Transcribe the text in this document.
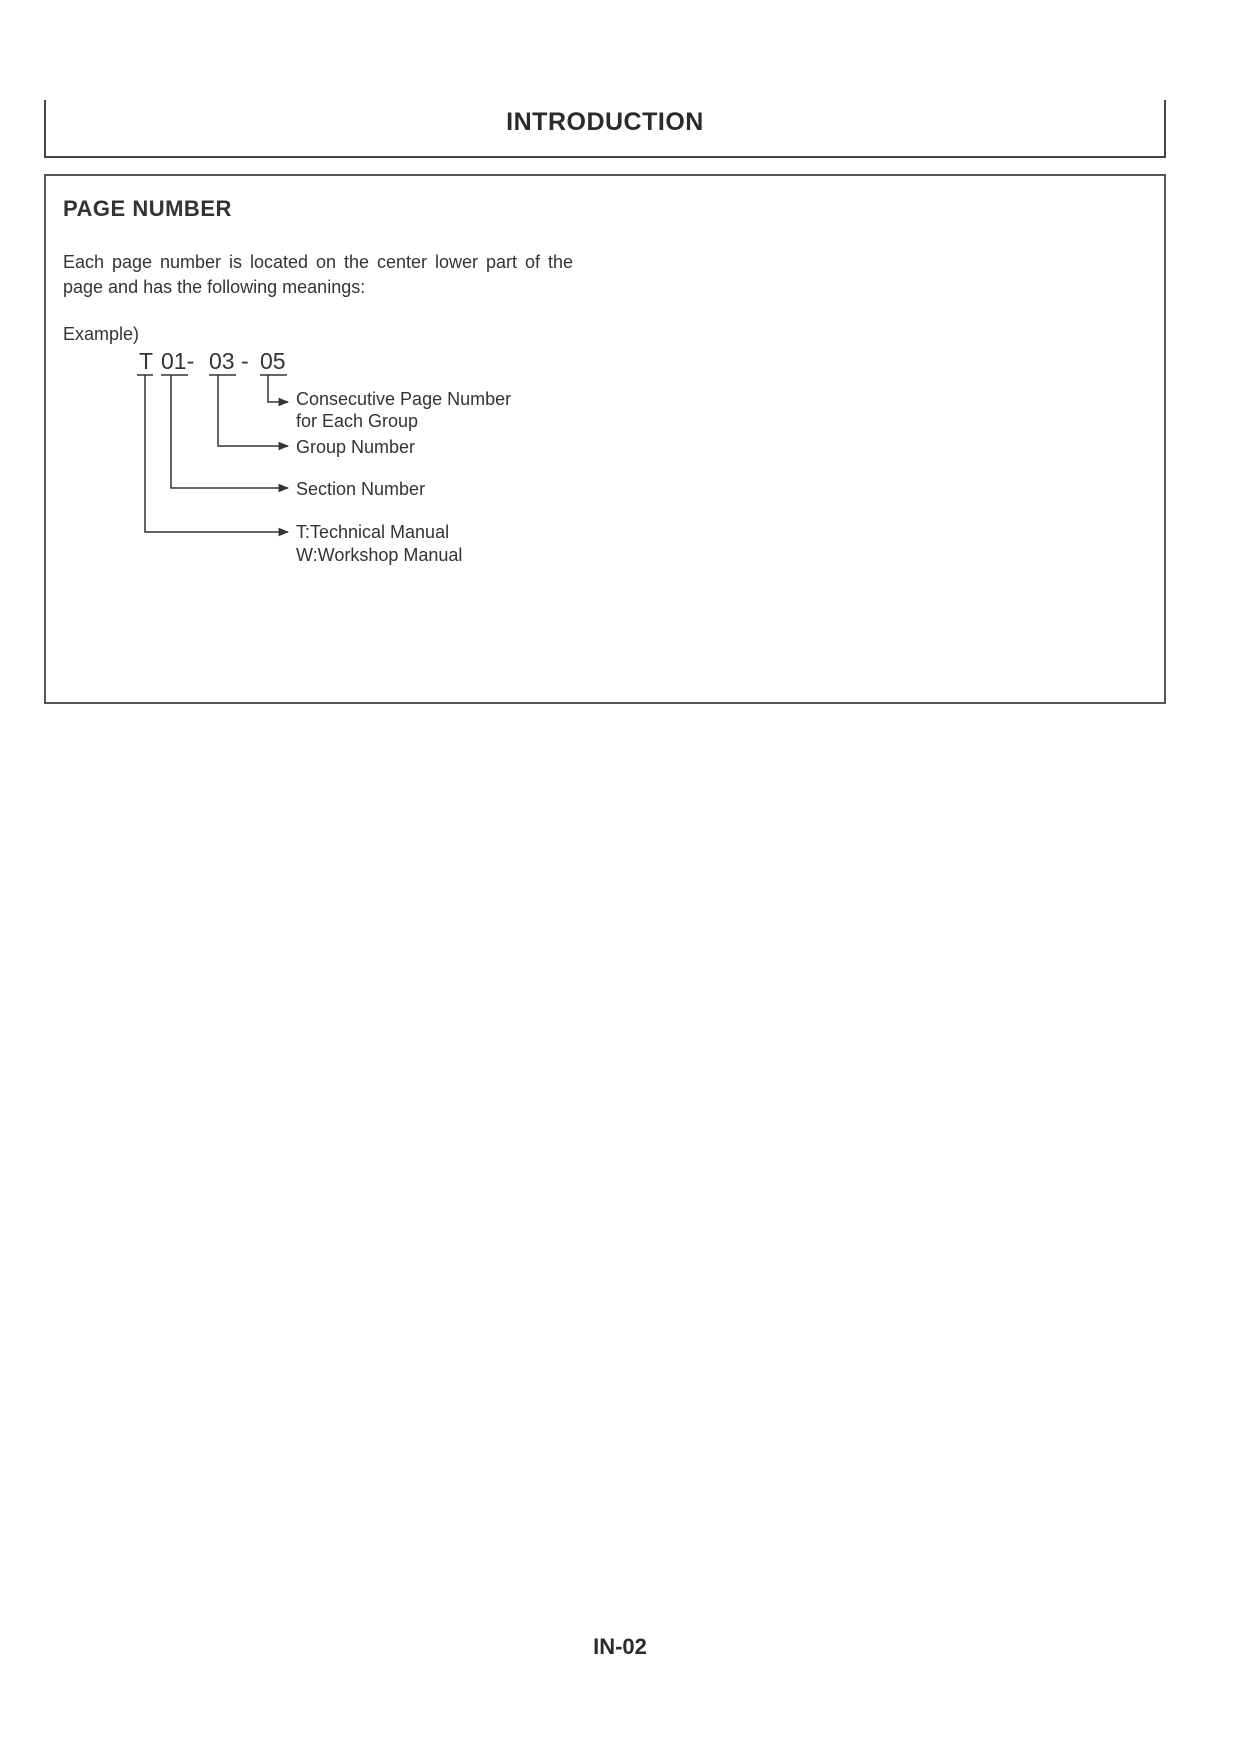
INTRODUCTION
PAGE NUMBER
Each page number is located on the center lower part of the page and has the following meanings:
Example)
T 01- 03 - 05
Consecutive Page Number
for Each Group
Group Number
Section Number
T:Technical Manual
W:Workshop Manual
IN-02
